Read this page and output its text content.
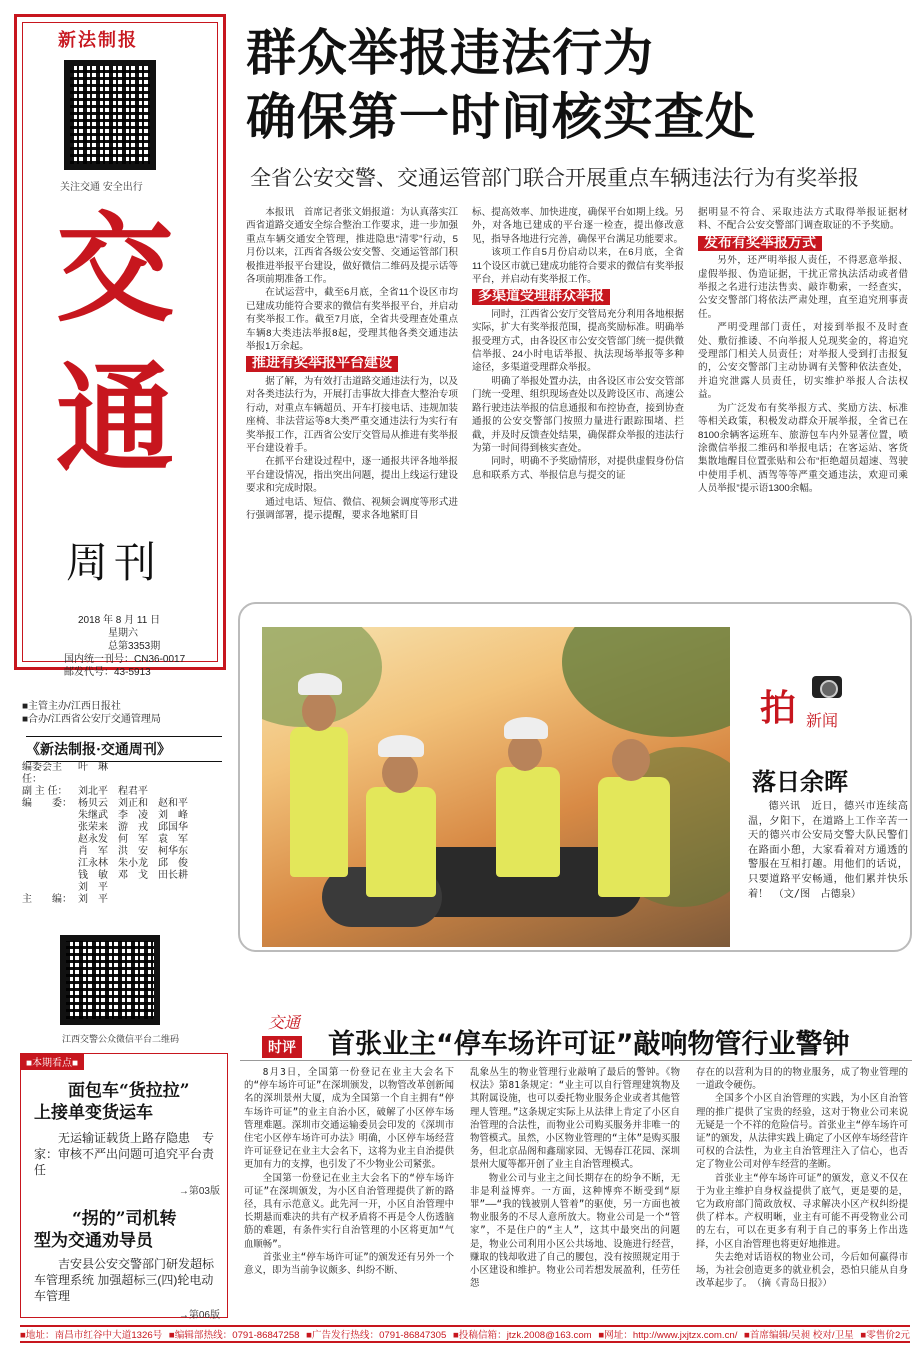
新法制报
关注交通 安全出行
交
通
周刊
2018 年 8 月 11 日
星期六
总第3353期
国内统一刊号：CN36-0017
邮发代号：43-5913
■主管主办/江西日报社
■合办/江西省公安厅交通管理局
《新法制报·交通周刊》
编委会主任：
叶　琳
副 主 任：	刘北平　程君平
编　　委： 杨贝云　刘正和　赵和平
朱继武　李　凌　刘　峰
张荣来　游　戎　邱国华
赵永发　何　军　袁　军
肖　军　洪　安　柯华东
江永林　朱小龙　邱　俊
钱　敏　邓　戈　田长耕
刘　平
主　　编： 刘　平
江西交警公众微信平台二维码
■本期看点■
面包车“货拉拉”
上接单变货运车
无运输证载货上路存隐患　专家：审核不严出问题可追究平台责任
→第03版
“拐的”司机转
型为交通劝导员
吉安县公安交警部门研发超标车管理系统 加强超标三(四)轮电动车管理
→第06版
群众举报违法行为
确保第一时间核实查处
全省公安交警、交通运管部门联合开展重点车辆违法行为有奖举报

本报讯　首席记者张文娟报道：为认真落实江西省道路交通安全综合整治工作要求，进一步加强重点车辆交通安全管理，推进隐患“清零”行动，5月份以来，江西省各级公安交警、交通运管部门积极推进举报平台建设，做好微信二维码及提示话等各项前期准备工作。

在试运营中，截至6月底，全省11个设区市均已建成功能符合要求的微信有奖举报平台，并启动有奖举报工作。截至7月底，全省共受理查处重点车辆8大类违法举报8起，受理其他各类交通违法举报1万余起。

推进有奖举报平台建设

据了解，为有效打击道路交通违法行为，以及对各类违法行为，开展打击事故大排查大整治专项行动，对重点车辆超员、开车打接电话、违规加装座椅、非法营运等8大类严重交通违法行为实行有奖举报工作，江西省公安厅交管局从推进有奖举报平台建设着手。

在抓平台建设过程中，逐一通报共评各地举报平台建设情况，指出突出问题，提出上线运行建设要求和完成时限。

通过电话、短信、微信、视频会调度等形式进行强调部署，提示提醒，要求各地紧盯目

标、提高效率、加快进度，确保平台如期上线。另外，对各地已建成的平台逐一检查，提出修改意见，指导各地进行完善，确保平台满足功能要求。

该项工作自5月份启动以来，在6月底，全省11个设区市就已建成功能符合要求的微信有奖举报平台，并启动有奖举报工作。

多渠道受理群众举报

同时，江西省公安厅交管局充分利用各地根据实际，扩大有奖举报范围，提高奖励标准。明确举报受理方式，由各设区市公安交管部门统一提供微信举报、24小时电话举报、执法现场举报等多种途径，多渠道受理群众举报。

明确了举报处置办法，由各设区市公安交管部门统一受理、组织现场查处以及跨设区市、高速公路行驶违法举报的信息通报和布控协查，接到协查通报的公安交警部门按照力量进行跟踪围堵、拦截，并及时反馈查处结果，确保群众举报的违法行为第一时间得到核实查处。

同时，明确不予奖励情形，对提供虚假身份信息和联系方式、举报信息与提交的证

据明显不符合、采取违法方式取得举报证据材料、不配合公安交警部门调查取证的不予奖励。

发布有奖举报方式

另外，还严明举报人责任，不得恶意举报、虚假举报、伪造证据，干扰正常执法活动或者借举报之名进行违法售卖、敲诈勒索，一经查实，公安交警部门将依法严肃处理，直至追究刑事责任。

严明受理部门责任，对接到举报不及时查处、敷衍推诿、不向举报人兑现奖金的，将追究受理部门相关人员责任；对举报人受到打击报复的，公安交警部门主动协调有关警种依法查处，并追究泄露人员责任，切实维护举报人合法权益。

为广泛发布有奖举报方式、奖励方法、标准等相关政策，积极发动群众开展举报，全省已在8100余辆客运班车、旅游包车内外显著位置，喷涂微信举报二维码和举报电话；在客运站、客货集散地醒目位置张贴和公布“拒绝超员超速、驾驶中使用手机、酒驾等等严重交通违法，欢迎司乘人员举报”提示语1300余幅。

拍 新闻
落日余晖

德兴讯　近日，德兴市连续高温，夕阳下，在道路上工作辛苦一天的德兴市公安局交警大队民警们在路面小憩，大家看着对方通透的警服在互相打趣。用他们的话说，只要道路平安畅通，他们累并快乐着！　（文/图　占德泉）

交通
时评 首张业主“停车场许可证”敲响物管行业警钟

8月3日，全国第一份登记在业主大会名下的“停车场许可证”在深圳颁发，以物管改革创新闻名的深圳景州大厦，成为全国第一个自主拥有“停车场许可证”的业主自治小区，破解了小区停车场管理难题。深圳市交通运输委员会印发的《深圳市住宅小区停车场许可办法》明确，小区停车场经营许可证登记在业主大会名下，这将为业主自治提供更加有力的支撑，也引发了不少物业公司紧张。

全国第一份登记在业主大会名下的“停车场许可证”在深圳颁发，为小区自治管理提供了新的路径，具有示范意义。此先河一开，小区自治管理中长期悬而难决的共有产权矛盾将不再是令人伤透脑筋的难题，有条件实行自治管理的小区将更加“气血顺畅”。

首张业主“停车场许可证”的颁发还有另外一个意义，即为当前争议颇多、纠纷不断、

乱象丛生的物业管理行业敲响了最后的警钟。《物权法》第81条规定：“业主可以自行管理建筑物及其附属设施，也可以委托物业服务企业或者其他管理人管理。”这条规定实际上从法律上肯定了小区自治管理的合法性，而物业公司购买服务并非唯一的物管模式。虽然，小区物业管理的“主体”是购买服务，但北京品阁和鑫瑞家园、无锡春江花园、深圳景州大厦等都开创了业主自治管理模式。

物业公司与业主之间长期存在的纷争不断，无非是利益博弈。一方面，这种博弈不断受到“原罪”——“我的钱被别人管着”的驱使，另一方面也被物业服务的不尽人意所放大。物业公司是一个“管家”，不是住户的“主人”，这其中最突出的问题是，物业公司利用小区公共场地、设施进行经营，赚取的钱却收进了自己的腰包，没有按照规定用于小区建设和维护。物业公司若想发展盈利，任劳任怨

存在的以营利为目的的物业服务，成了物业管理的一道政令硬伤。

全国多个小区自治管理的实践，为小区自治管理的推广提供了宝贵的经验，这对于物业公司来说无疑是一个不祥的危险信号。首张业主“停车场许可证”的颁发，从法律实践上确定了小区停车场经营许可权的合法性，为业主自治管理注入了信心，也否定了物业公司对停车经营的垄断。

首张业主“停车场许可证”的颁发，意义不仅在于为业主维护自身权益提供了底气，更是要的是，它为政府部门简政放权、寻求解决小区产权纠纷提供了样本。产权明晰，业主有可能不再受物业公司的左右，可以在更多有利于自己的事务上作出选择，小区自治管理也将更好地推进。

失去绝对话语权的物业公司，今后如何赢得市场，为社会创造更多的就业机会，恐怕只能从自身改革起步了。　（摘《青岛日报》）

■地址：南昌市红谷中大道1326号 ■编辑部热线：0791-86847258 ■广告发行热线：0791-86847305 ■投稿信箱：jtzk.2008@163.com ■网址：http://www.jxjtzx.com.cn/ ■首席编辑/吴昶 校对/卫星 ■零售价2元
